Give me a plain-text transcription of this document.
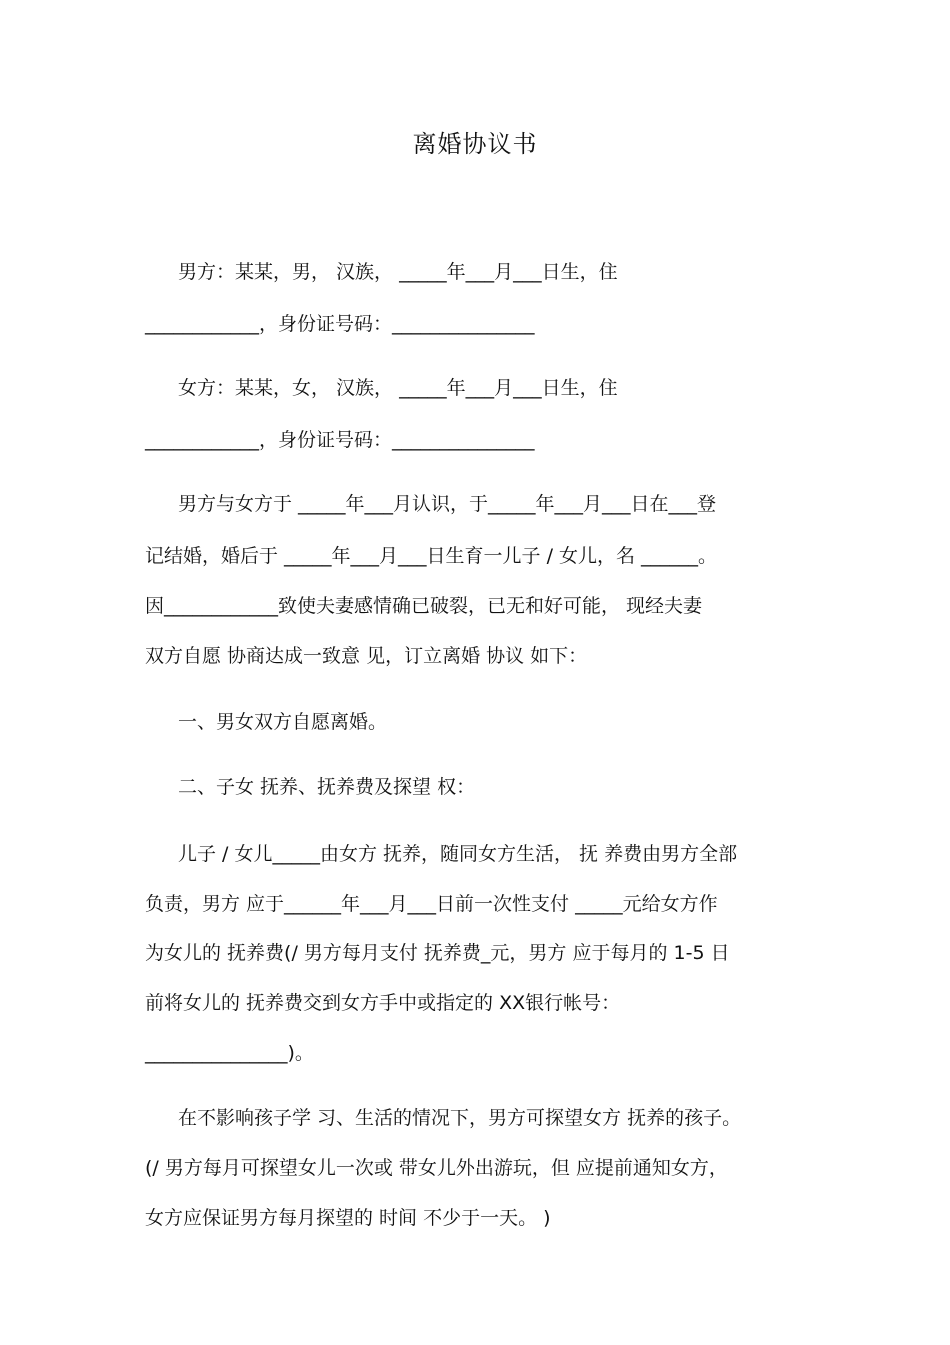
离婚协议书
男方：某某，男， 汉族， _____年___月___日生，住
____________，身份证号码：_______________
女方：某某，女， 汉族， _____年___月___日生，住
____________，身份证号码：_______________
男方与女方于 _____年___月认识，于_____年___月___日在___登
记结婚，婚后于 _____年___月___日生育一儿子 / 女儿，名 ______。
因____________致使夫妻感情确已破裂，已无和好可能， 现经夫妻
双方自愿 协商达成一致意 见，订立离婚 协议 如下：
一、男女双方自愿离婚。
二、子女 抚养、抚养费及探望 权：
儿子 / 女儿_____由女方 抚养，随同女方生活， 抚 养费由男方全部
负责，男方 应于______年___月___日前一次性支付 _____元给女方作
为女儿的 抚养费(/ 男方每月支付 抚养费_元，男方 应于每月的 1-5 日
前将女儿的 抚养费交到女方手中或指定的 XX银行帐号：
_______________)。
在不影响孩子学 习、生活的情况下，男方可探望女方 抚养的孩子。
(/ 男方每月可探望女儿一次或 带女儿外出游玩，但 应提前通知女方，
女方应保证男方每月探望的 时间 不少于一天。 )
